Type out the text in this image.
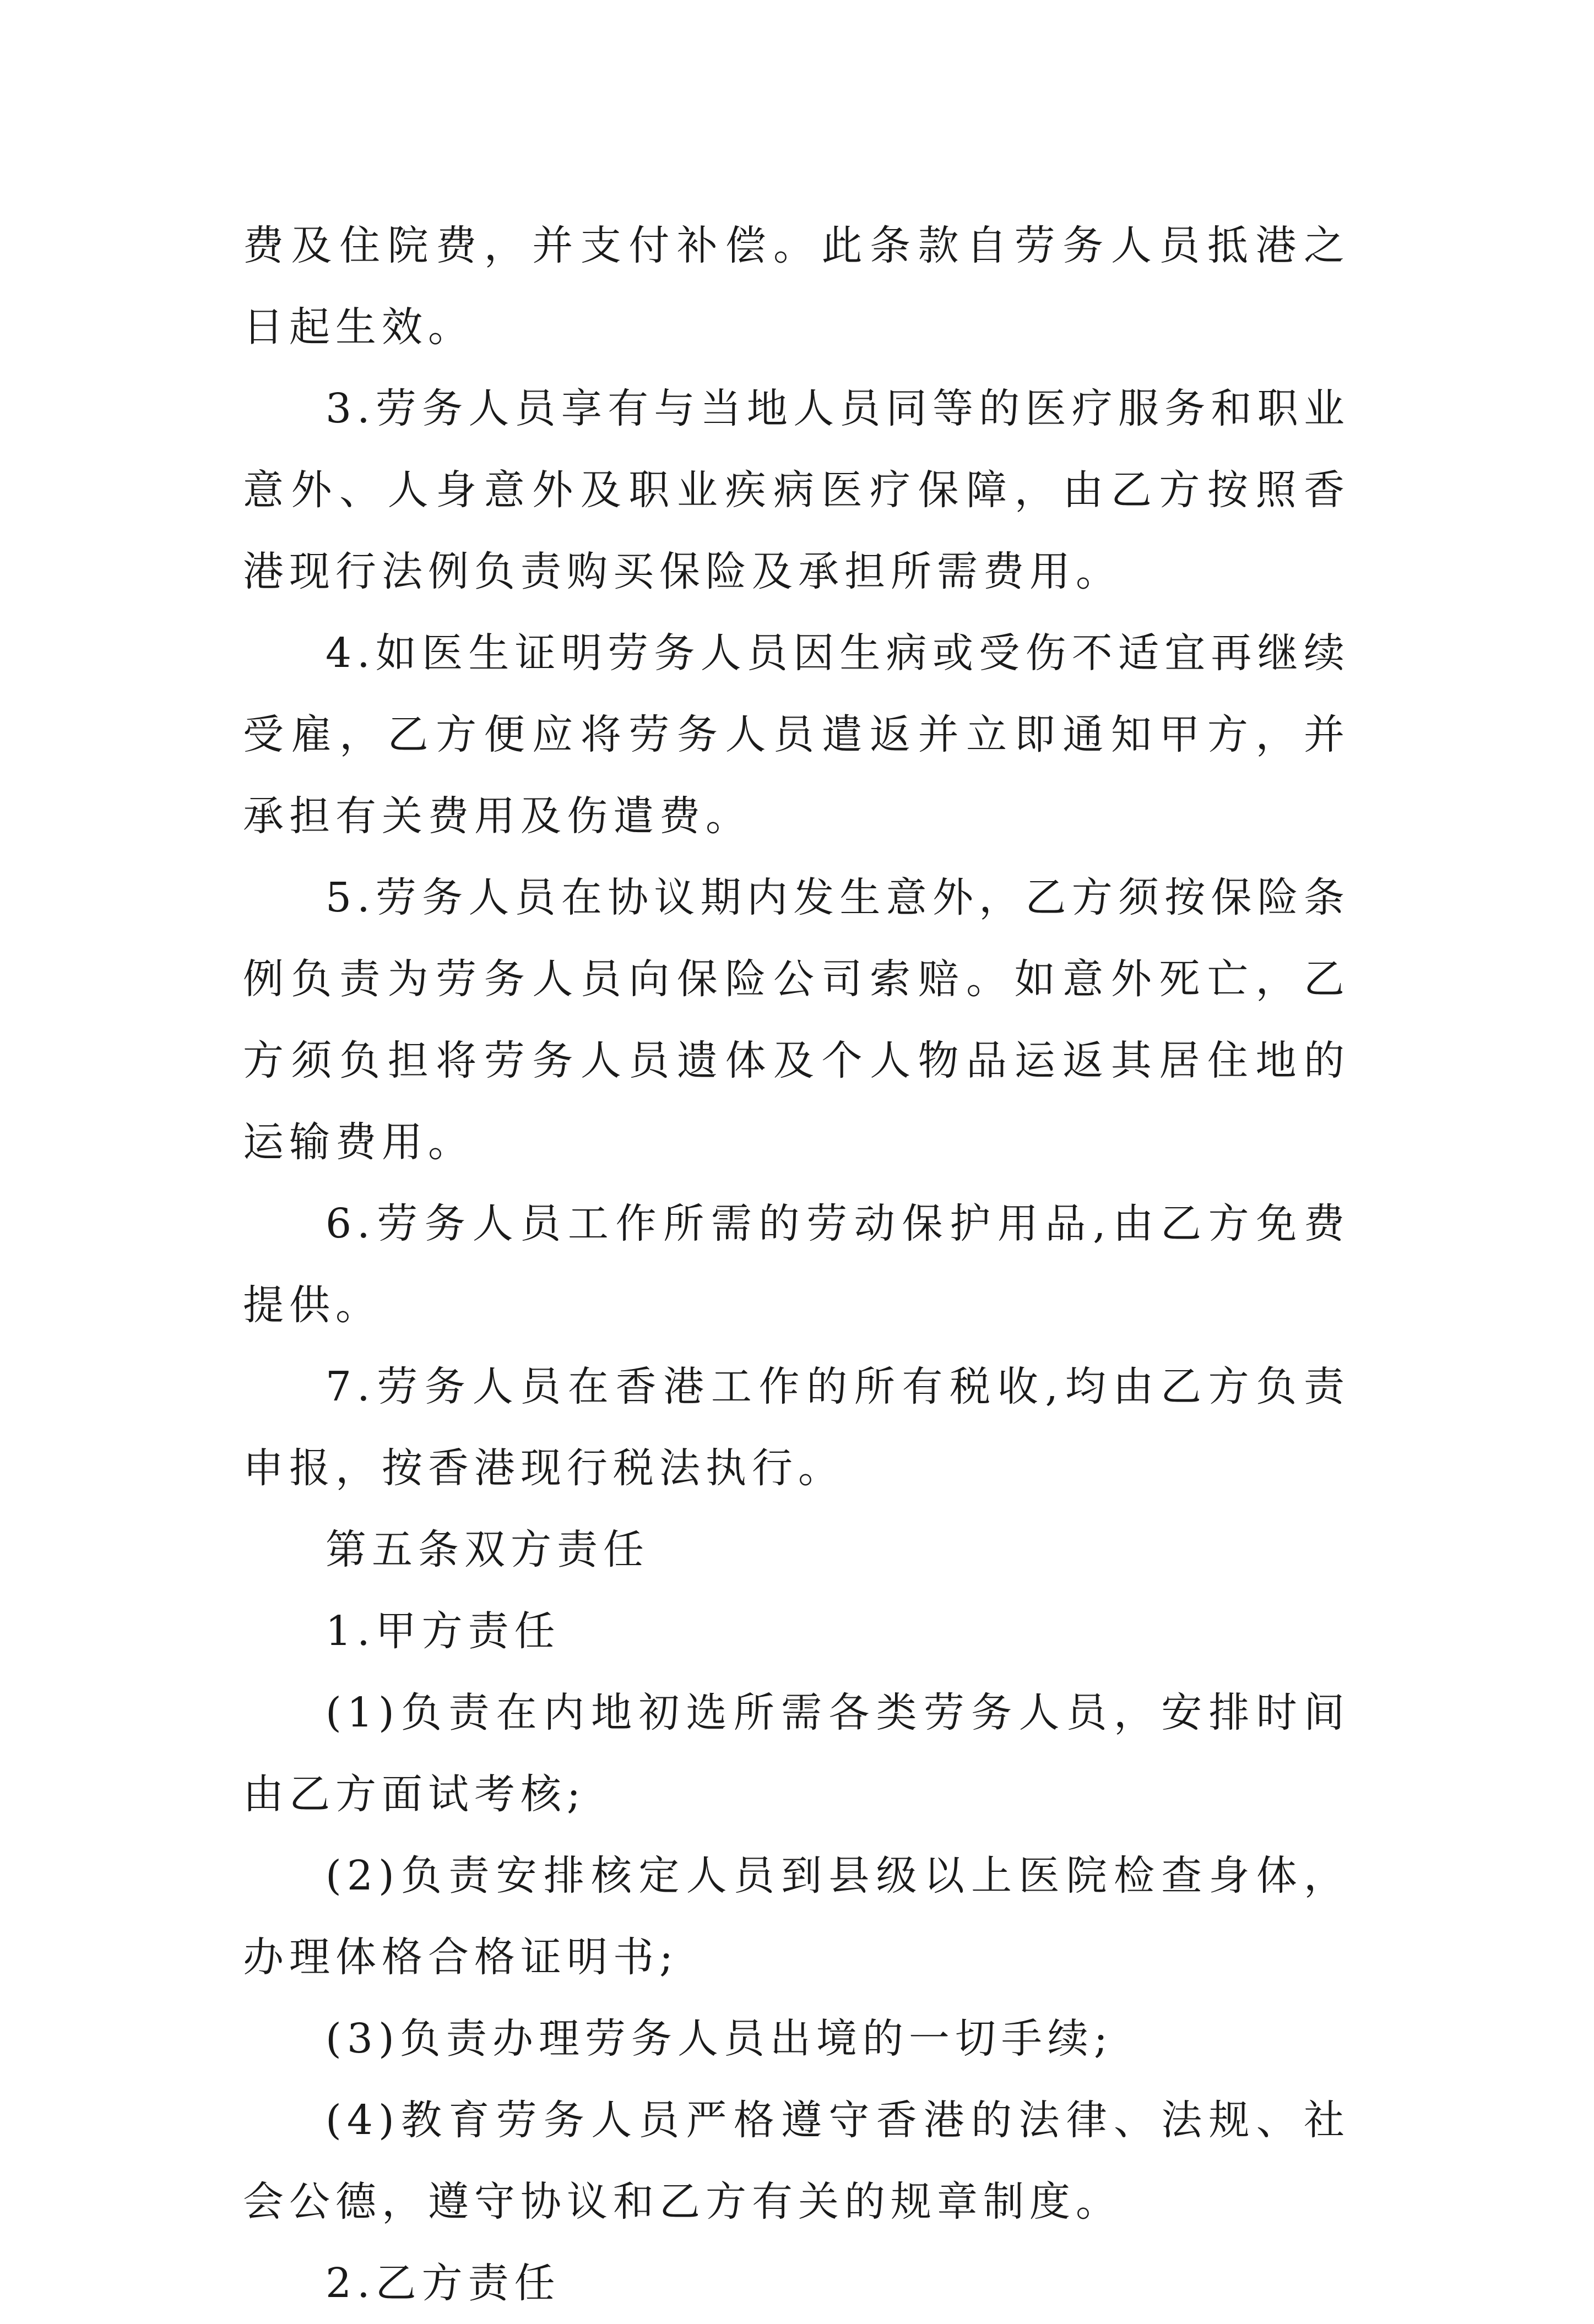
费及住院费，并支付补偿。此条款自劳务人员抵港之日起生效。

3.劳务人员享有与当地人员同等的医疗服务和职业意外、人身意外及职业疾病医疗保障，由乙方按照香港现行法例负责购买保险及承担所需费用。

4.如医生证明劳务人员因生病或受伤不适宜再继续受雇，乙方便应将劳务人员遣返并立即通知甲方，并承担有关费用及伤遣费。

5.劳务人员在协议期内发生意外，乙方须按保险条例负责为劳务人员向保险公司索赔。如意外死亡，乙方须负担将劳务人员遗体及个人物品运返其居住地的运输费用。

6.劳务人员工作所需的劳动保护用品,由乙方免费提供。

7.劳务人员在香港工作的所有税收,均由乙方负责申报，按香港现行税法执行。

第五条双方责任

1.甲方责任

(1)负责在内地初选所需各类劳务人员，安排时间由乙方面试考核;

(2)负责安排核定人员到县级以上医院检查身体，办理体格合格证明书;

(3)负责办理劳务人员出境的一切手续;

(4)教育劳务人员严格遵守香港的法律、法规、社会公德，遵守协议和乙方有关的规章制度。

2.乙方责任
